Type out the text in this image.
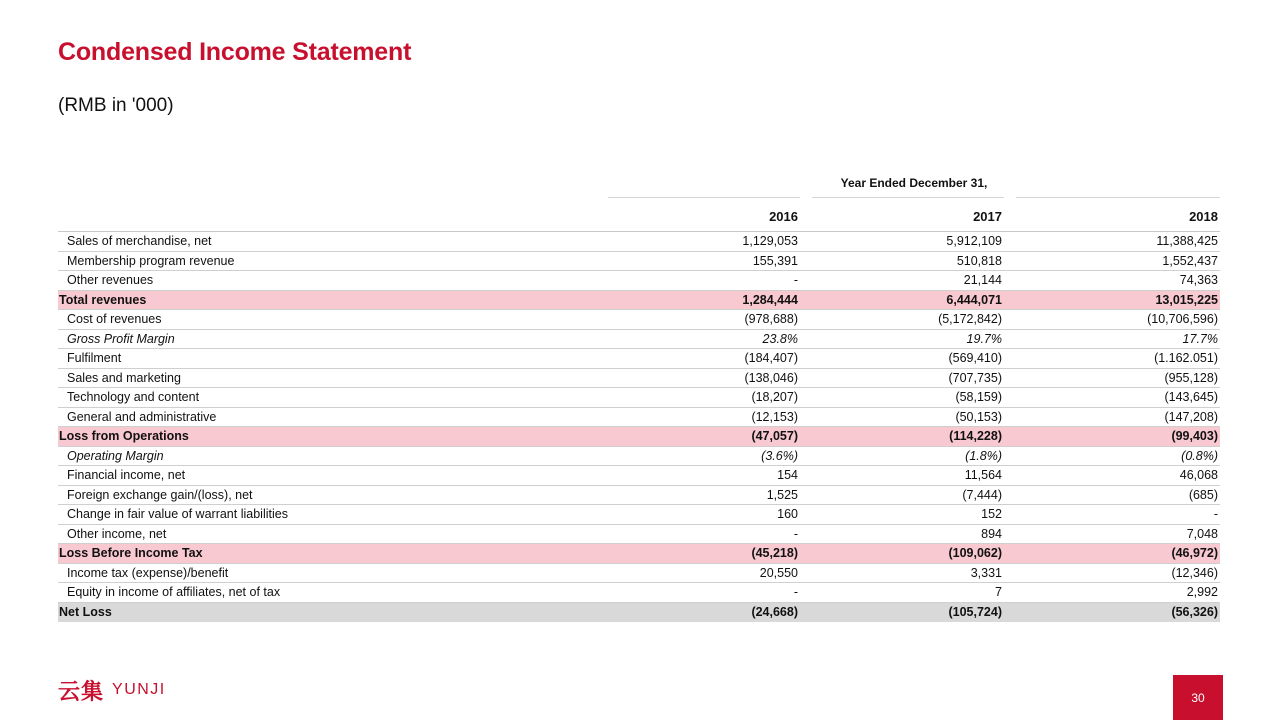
Condensed Income Statement
(RMB in '000)
Year Ended December 31,
2016	2017	2018
Sales of merchandise, net	1,129,053	5,912,109	11,388,425
Membership program revenue	155,391	510,818	1,552,437
Other revenues	-	21,144	74,363
Total revenues	1,284,444	6,444,071	13,015,225
Cost of revenues	(978,688)	(5,172,842)	(10,706,596)
Gross Profit Margin	23.8%	19.7%	17.7%
Fulfilment	(184,407)	(569,410)	(1.162.051)
Sales and marketing	(138,046)	(707,735)	(955,128)
Technology and content	(18,207)	(58,159)	(143,645)
General and administrative	(12,153)	(50,153)	(147,208)
Loss from Operations	(47,057)	(114,228)	(99,403)
Operating Margin	(3.6%)	(1.8%)	(0.8%)
Financial income, net	154	11,564	46,068
Foreign exchange gain/(loss), net	1,525	(7,444)	(685)
Change in fair value of warrant liabilities	160	152	-
Other income, net	-	894	7,048
Loss Before Income Tax	(45,218)	(109,062)	(46,972)
Income tax (expense)/benefit	20,550	3,331	(12,346)
Equity in income of affiliates, net of tax	-	7	2,992
Net Loss	(24,668)	(105,724)	(56,326)
云集 YUNJI	30
